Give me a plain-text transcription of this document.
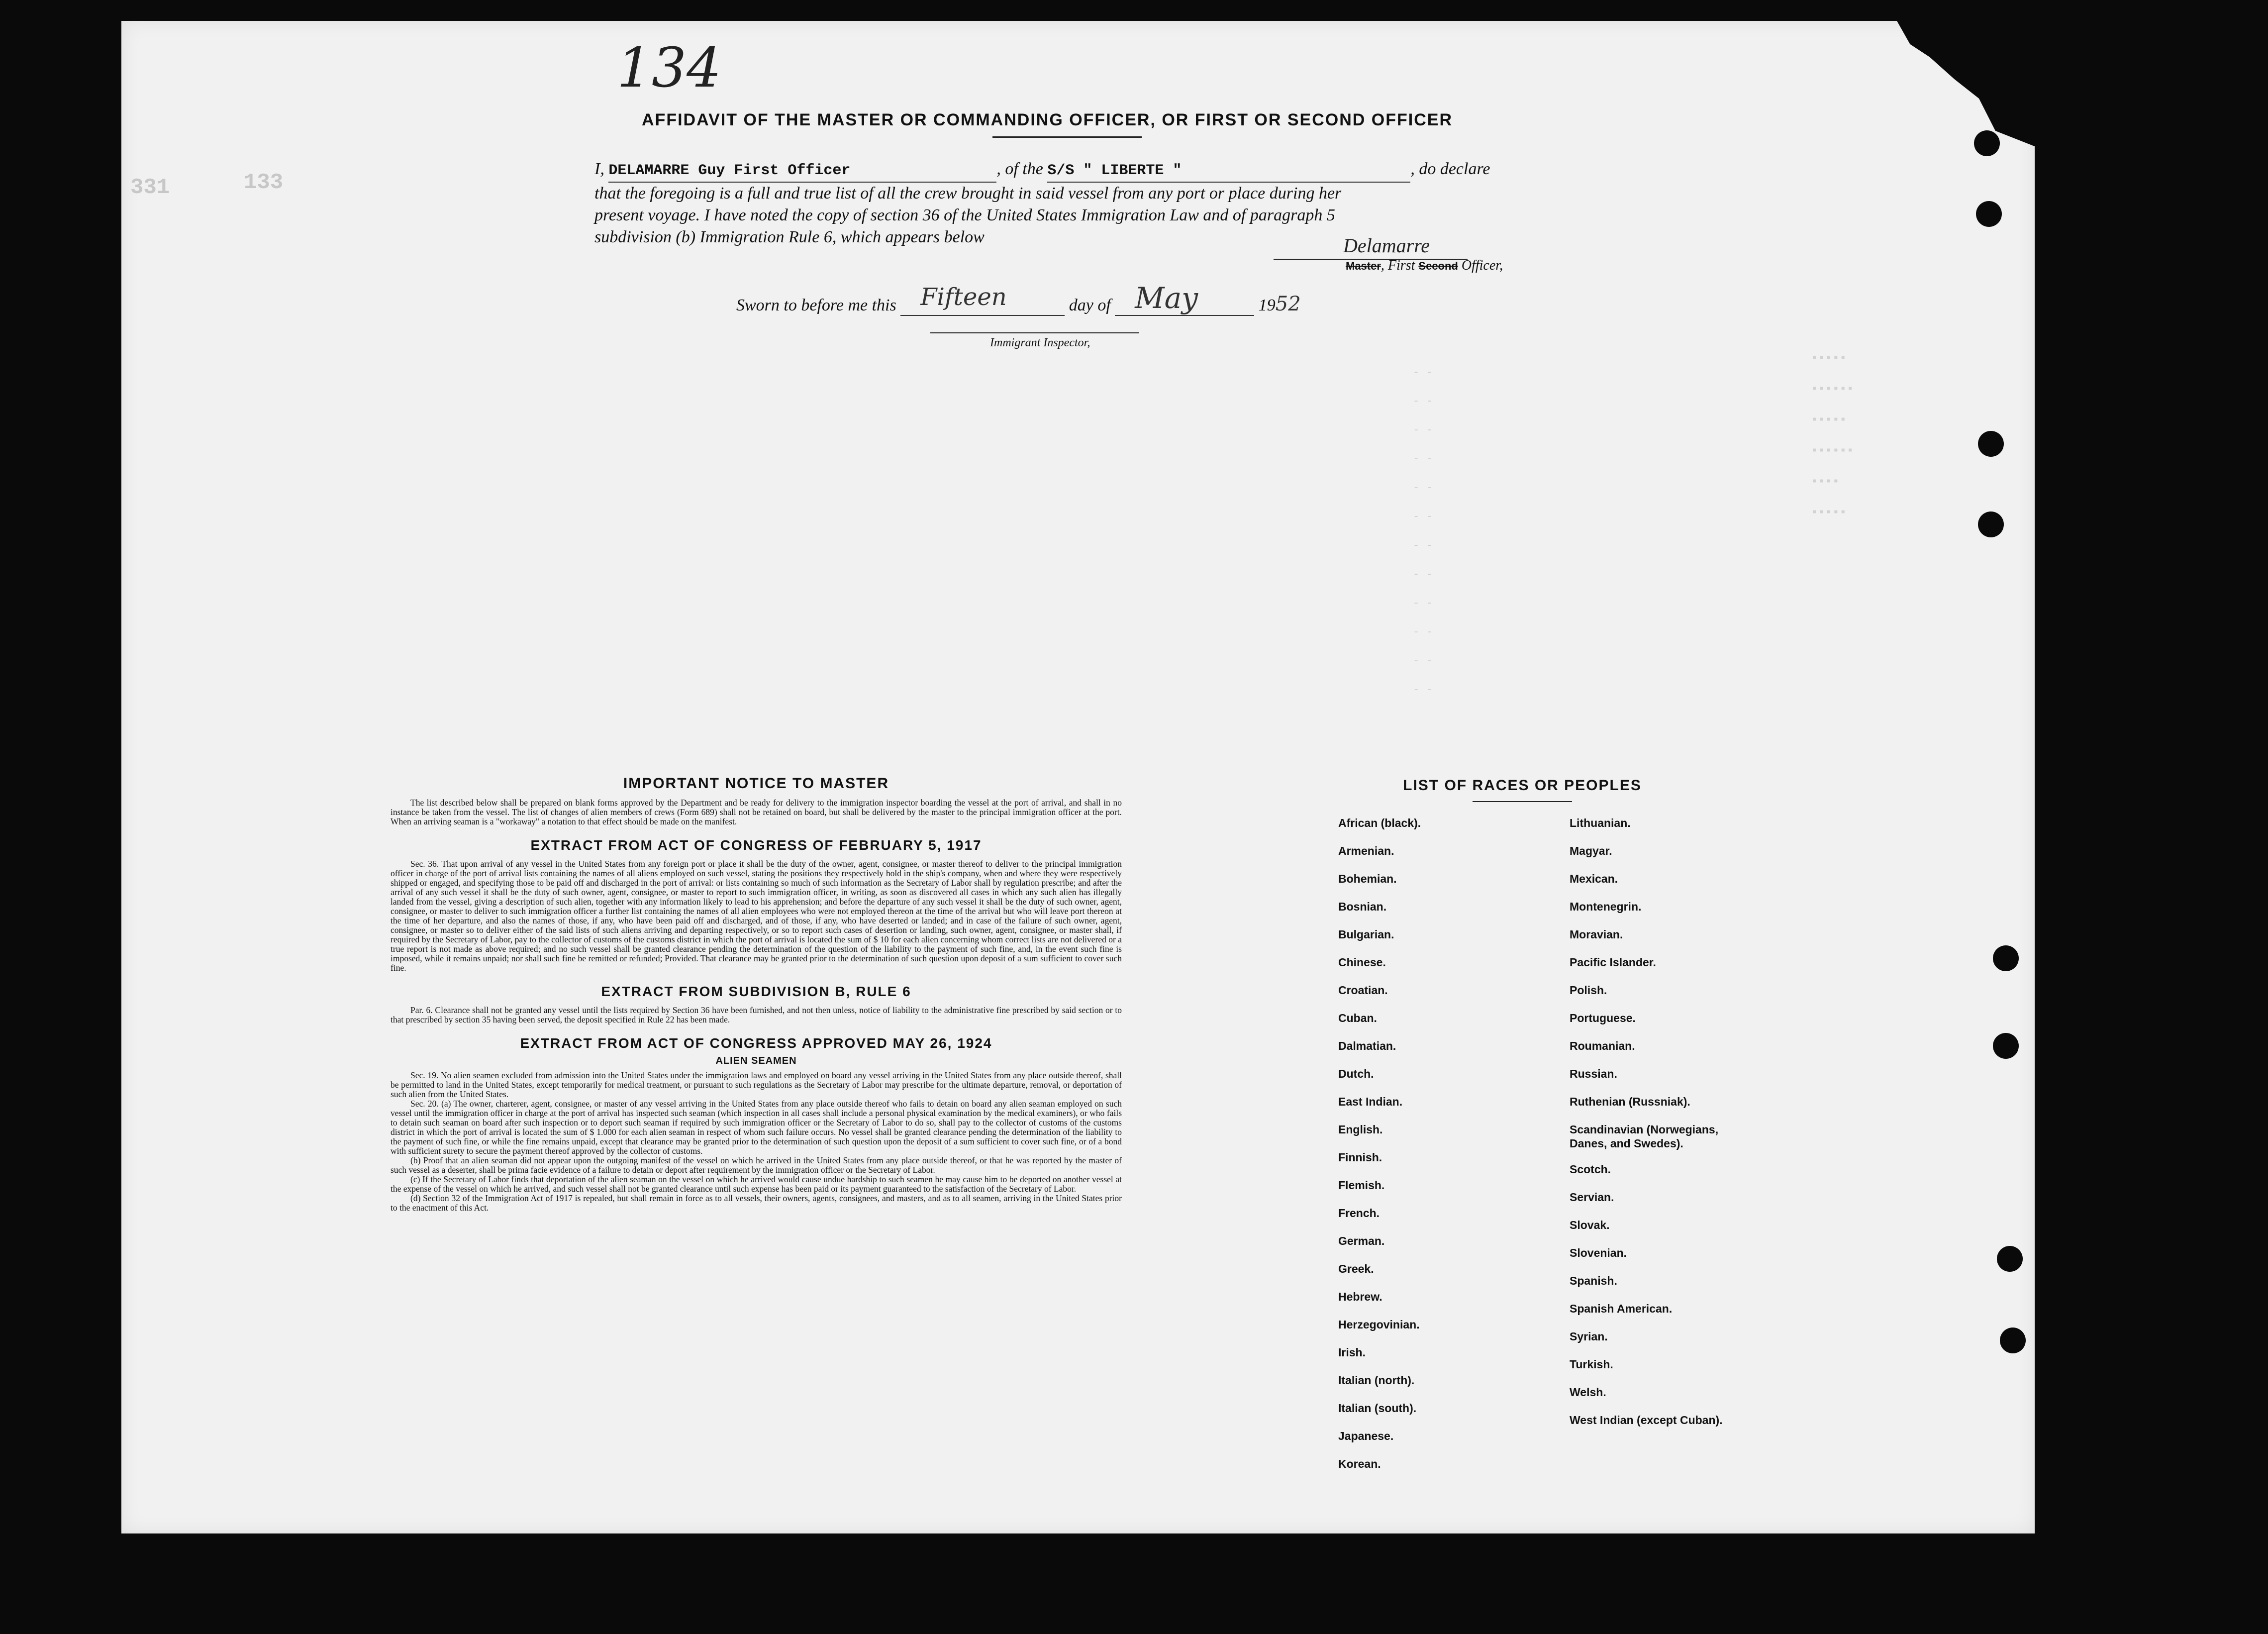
134
AFFIDAVIT OF THE MASTER OR COMMANDING OFFICER, OR FIRST OR SECOND OFFICER
I, DELAMARRE Guy First Officer	, of the S/S " LIBERTE "	, do declare
that the foregoing is a full and true list of all the crew brought in said vessel from any port or place during her
present voyage. I have noted the copy of section 36 of the United States Immigration Law and of paragraph 5
subdivision (b) Immigration Rule 6, which appears below	Delamarre
Master, First Second Officer,
Sworn to before me this Fifteen	day of May	1952
Immigrant Inspector,
133
331
▪▪▪▪▪
▪▪▪▪▪▪
▪▪▪▪▪
▪▪▪▪▪▪
▪▪▪▪
▪▪▪▪▪
- -
- -
- -
- -
- -
- -
- -
- -
- -
- -
- -
- -
IMPORTANT NOTICE TO MASTER

The list described below shall be prepared on blank forms approved by the Department and be ready for delivery to the immigration inspector boarding the vessel at the port of arrival, and shall in no instance be taken from the vessel. The list of changes of alien members of crews (Form 689) shall not be retained on board, but shall be delivered by the master to the principal immigration officer at the port. When an arriving seaman is a "workaway" a notation to that effect should be made on the manifest.

EXTRACT FROM ACT OF CONGRESS OF FEBRUARY 5, 1917

Sec. 36. That upon arrival of any vessel in the United States from any foreign port or place it shall be the duty of the owner, agent, consignee, or master thereof to deliver to the principal immigration officer in charge of the port of arrival lists containing the names of all aliens employed on such vessel, stating the positions they respectively hold in the ship's company, when and where they were respectively shipped or engaged, and specifying those to be paid off and discharged in the port of arrival: or lists containing so much of such information as the Secretary of Labor shall by regulation prescribe; and after the arrival of any such vessel it shall be the duty of such owner, agent, consignee, or master to report to such immigration officer, in writing, as soon as discovered all cases in which any such alien has illegally landed from the vessel, giving a description of such alien, together with any information likely to lead to his apprehension; and before the departure of any such vessel it shall be the duty of such owner, agent, consignee, or master to deliver to such immigration officer a further list containing the names of all alien employees who were not employed thereon at the time of the arrival but who will leave port thereon at the time of her departure, and also the names of those, if any, who have been paid off and discharged, and of those, if any, who have deserted or landed; and in case of the failure of such owner, agent, consignee, or master so to deliver either of the said lists of such aliens arriving and departing respectively, or so to report such cases of desertion or landing, such owner, agent, consignee, or master shall, if required by the Secretary of Labor, pay to the collector of customs of the customs district in which the port of arrival is located the sum of $ 10 for each alien concerning whom correct lists are not delivered or a true report is not made as above required; and no such vessel shall be granted clearance pending the determination of the question of the liability to the payment of such fine, and, in the event such fine is imposed, while it remains unpaid; nor shall such fine be remitted or refunded; Provided. That clearance may be granted prior to the determination of such question upon deposit of a sum sufficient to cover such fine.

EXTRACT FROM SUBDIVISION B, RULE 6

Par. 6. Clearance shall not be granted any vessel until the lists required by Section 36 have been furnished, and not then unless, notice of liability to the administrative fine prescribed by said section or to that prescribed by section 35 having been served, the deposit specified in Rule 22 has been made.

EXTRACT FROM ACT OF CONGRESS APPROVED MAY 26, 1924
ALIEN SEAMEN

Sec. 19. No alien seamen excluded from admission into the United States under the immigration laws and employed on board any vessel arriving in the United States from any place outside thereof, shall be permitted to land in the United States, except temporarily for medical treatment, or pursuant to such regulations as the Secretary of Labor may prescribe for the ultimate departure, removal, or deportation of such alien from the United States.

Sec. 20. (a) The owner, charterer, agent, consignee, or master of any vessel arriving in the United States from any place outside thereof who fails to detain on board any alien seaman employed on such vessel until the immigration officer in charge at the port of arrival has inspected such seaman (which inspection in all cases shall include a personal physical examination by the medical examiners), or who fails to detain such seaman on board after such inspection or to deport such seaman if required by such immigration officer or the Secretary of Labor to do so, shall pay to the collector of customs of the customs district in which the port of arrival is located the sum of $ 1.000 for each alien seaman in respect of whom such failure occurs. No vessel shall be granted clearance pending the determination of the liability to the payment of such fine, or while the fine remains unpaid, except that clearance may be granted prior to the determination of such question upon the deposit of a sum sufficient to cover such fine, or of a bond with sufficient surety to secure the payment thereof approved by the collector of customs.

(b) Proof that an alien seaman did not appear upon the outgoing manifest of the vessel on which he arrived in the United States from any place outside thereof, or that he was reported by the master of such vessel as a deserter, shall be prima facie evidence of a failure to detain or deport after requirement by the immigration officer or the Secretary of Labor.

(c) If the Secretary of Labor finds that deportation of the alien seaman on the vessel on which he arrived would cause undue hardship to such seamen he may cause him to be deported on another vessel at the expense of the vessel on which he arrived, and such vessel shall not be granted clearance until such expense has been paid or its payment guaranteed to the satisfaction of the Secretary of Labor.

(d) Section 32 of the Immigration Act of 1917 is repealed, but shall remain in force as to all vessels, their owners, agents, consignees, and masters, and as to all seamen, arriving in the United States prior to the enactment of this Act.

LIST OF RACES OR PEOPLES
African (black).
Armenian.
Bohemian.
Bosnian.
Bulgarian.
Chinese.
Croatian.
Cuban.
Dalmatian.
Dutch.
East Indian.
English.
Finnish.
Flemish.
French.
German.
Greek.
Hebrew.
Herzegovinian.
Irish.
Italian (north).
Italian (south).
Japanese.
Korean.
Lithuanian.
Magyar.
Mexican.
Montenegrin.
Moravian.
Pacific Islander.
Polish.
Portuguese.
Roumanian.
Russian.
Ruthenian (Russniak).
Scandinavian (Norwegians, Danes, and Swedes).
Scotch.
Servian.
Slovak.
Slovenian.
Spanish.
Spanish American.
Syrian.
Turkish.
Welsh.
West Indian (except Cuban).
